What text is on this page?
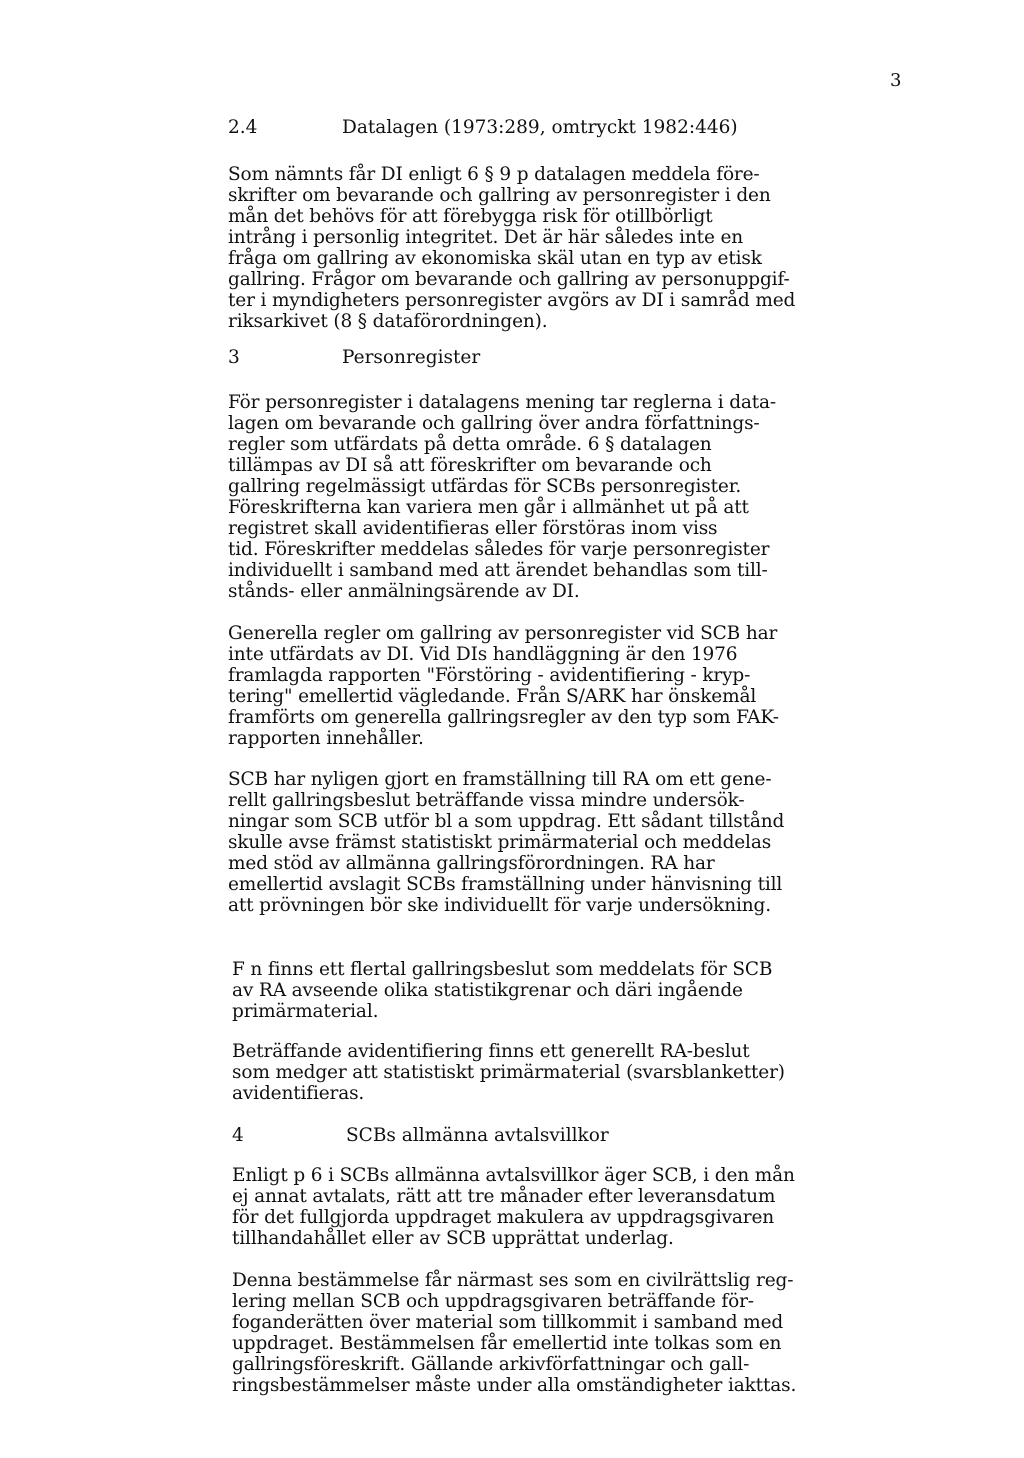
3
2.4	Datalagen (1973:289, omtryckt 1982:446)
Som nämnts får DI enligt 6 § 9 p datalagen meddela före-
skrifter om bevarande och gallring av personregister i den
mån det behövs för att förebygga risk för otillbörligt
intrång i personlig integritet. Det är här således inte en
fråga om gallring av ekonomiska skäl utan en typ av etisk
gallring. Frågor om bevarande och gallring av personuppgif-
ter i myndigheters personregister avgörs av DI i samråd med
riksarkivet (8 § dataförordningen).
3	Personregister
För personregister i datalagens mening tar reglerna i data-
lagen om bevarande och gallring över andra författnings-
regler som utfärdats på detta område. 6 § datalagen
tillämpas av DI så att föreskrifter om bevarande och
gallring regelmässigt utfärdas för SCBs personregister.
Föreskrifterna kan variera men går i allmänhet ut på att
registret skall avidentifieras eller förstöras inom viss
tid. Föreskrifter meddelas således för varje personregister
individuellt i samband med att ärendet behandlas som till-
stånds- eller anmälningsärende av DI.
Generella regler om gallring av personregister vid SCB har
inte utfärdats av DI. Vid DIs handläggning är den 1976
framlagda rapporten "Förstöring - avidentifiering - kryp-
tering" emellertid vägledande. Från S/ARK har önskemål
framförts om generella gallringsregler av den typ som FAK-
rapporten innehåller.
SCB har nyligen gjort en framställning till RA om ett gene-
rellt gallringsbeslut beträffande vissa mindre undersök-
ningar som SCB utför bl a som uppdrag. Ett sådant tillstånd
skulle avse främst statistiskt primärmaterial och meddelas
med stöd av allmänna gallringsförordningen. RA har
emellertid avslagit SCBs framställning under hänvisning till
att prövningen bör ske individuellt för varje undersökning.
F n finns ett flertal gallringsbeslut som meddelats för SCB
av RA avseende olika statistikgrenar och däri ingående
primärmaterial.
Beträffande avidentifiering finns ett generellt RA-beslut
som medger att statistiskt primärmaterial (svarsblanketter)
avidentifieras.
4	SCBs allmänna avtalsvillkor
Enligt p 6 i SCBs allmänna avtalsvillkor äger SCB, i den mån
ej annat avtalats, rätt att tre månader efter leveransdatum
för det fullgjorda uppdraget makulera av uppdragsgivaren
tillhandahållet eller av SCB upprättat underlag.
Denna bestämmelse får närmast ses som en civilrättslig reg-
lering mellan SCB och uppdragsgivaren beträffande för-
foganderätten över material som tillkommit i samband med
uppdraget. Bestämmelsen får emellertid inte tolkas som en
gallringsföreskrift. Gällande arkivförfattningar och gall-
ringsbestämmelser måste under alla omständigheter iakttas.
